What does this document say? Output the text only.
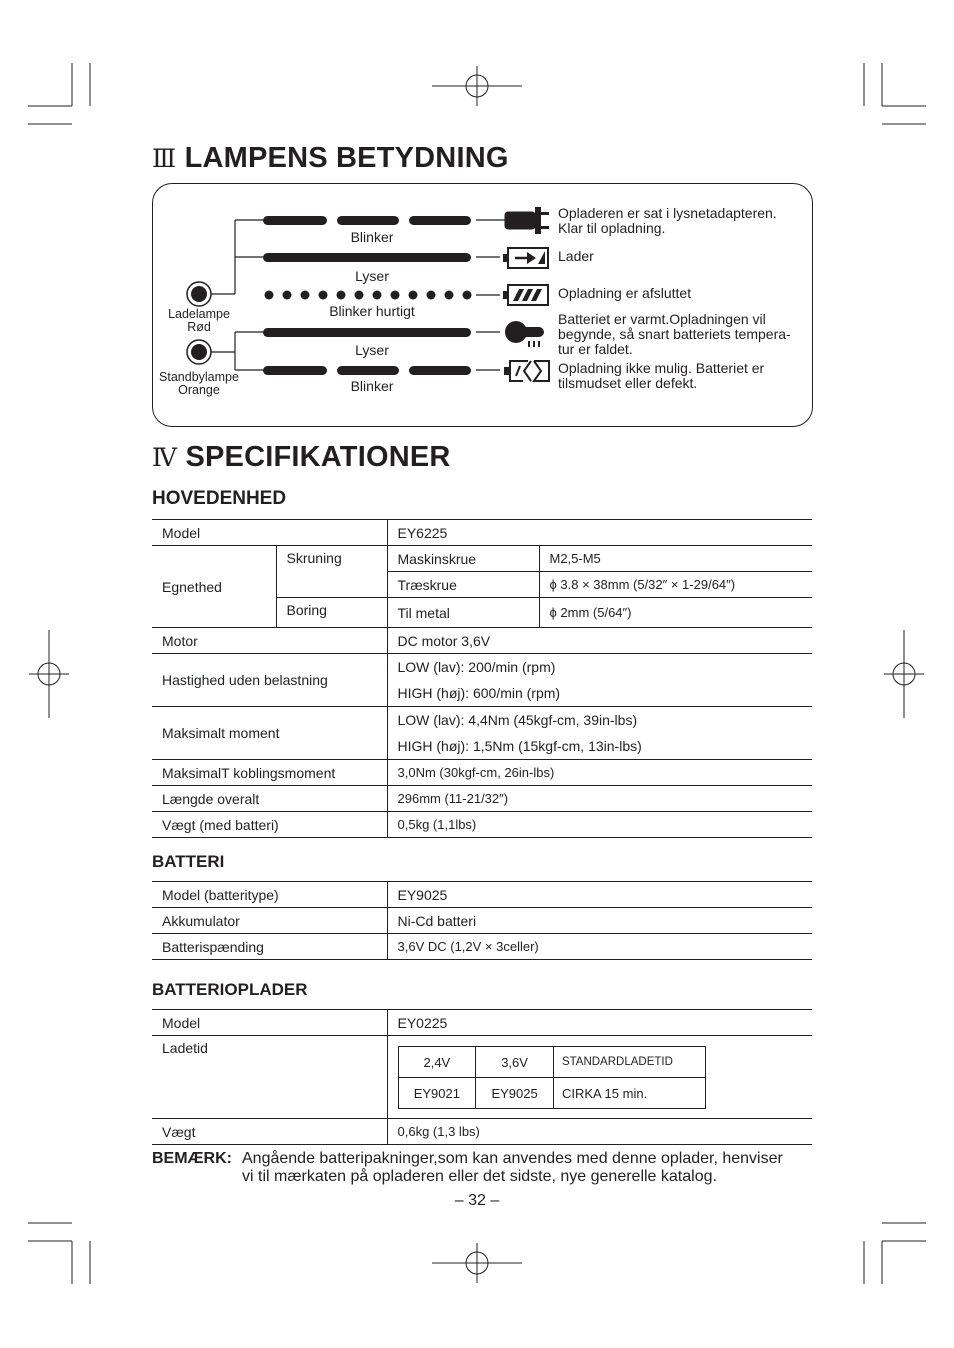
Ⅲ LAMPENS BETYDNING
Blinker
Lyser
Blinker hurtigt
Lyser
Blinker
Ladelampe
Rød
Standbylampe
Orange
Opladeren er sat i lysnetadapteren. Klar til opladning.
Lader
Opladning er afsluttet
Batteriet er varmt.Opladningen vil begynde, så snart batteriets tempera-tur er faldet.
Opladning ikke mulig. Batteriet er tilsmudset eller defekt.
Ⅳ SPECIFIKATIONER
HOVEDENHED
Model		EY6225	
Egnethed	Skruning	Maskinskrue	M2,5-M5
		Træskrue	ϕ 3.8 × 38mm (5/32″ × 1-29/64″)
	Boring	Til metal	ϕ 2mm (5/64″)
Motor		DC motor 3,6V	
Hastighed uden belastning		LOW (lav): 200/min (rpm)
HIGH (høj): 600/min (rpm)	

Maksimalt moment		LOW (lav): 4,4Nm (45kgf-cm, 39in-lbs)
HIGH (høj): 1,5Nm (15kgf-cm, 13in-lbs)	

MaksimalT koblingsmoment		3,0Nm (30kgf-cm, 26in-lbs)	
Længde overalt		296mm (11-21/32″)	
Vægt (med batteri)		0,5kg (1,1lbs)	
BATTERI
Model (batteritype)	EY9025
Akkumulator	Ni-Cd batteri
Batterispænding	3,6V DC (1,2V × 3celler)
BATTERIOPLADER
Model	EY0225
Ladetid	
2,4V	3,6V	STANDARDLADETID
EY9021	EY9025	CIRKA 15 min.

Vægt	0,6kg (1,3 lbs)
BEMÆRK: Angående batteripakninger,som kan anvendes med denne oplader, henviser
vi til mærkaten på opladeren eller det sidste, nye generelle katalog.
– 32 –
